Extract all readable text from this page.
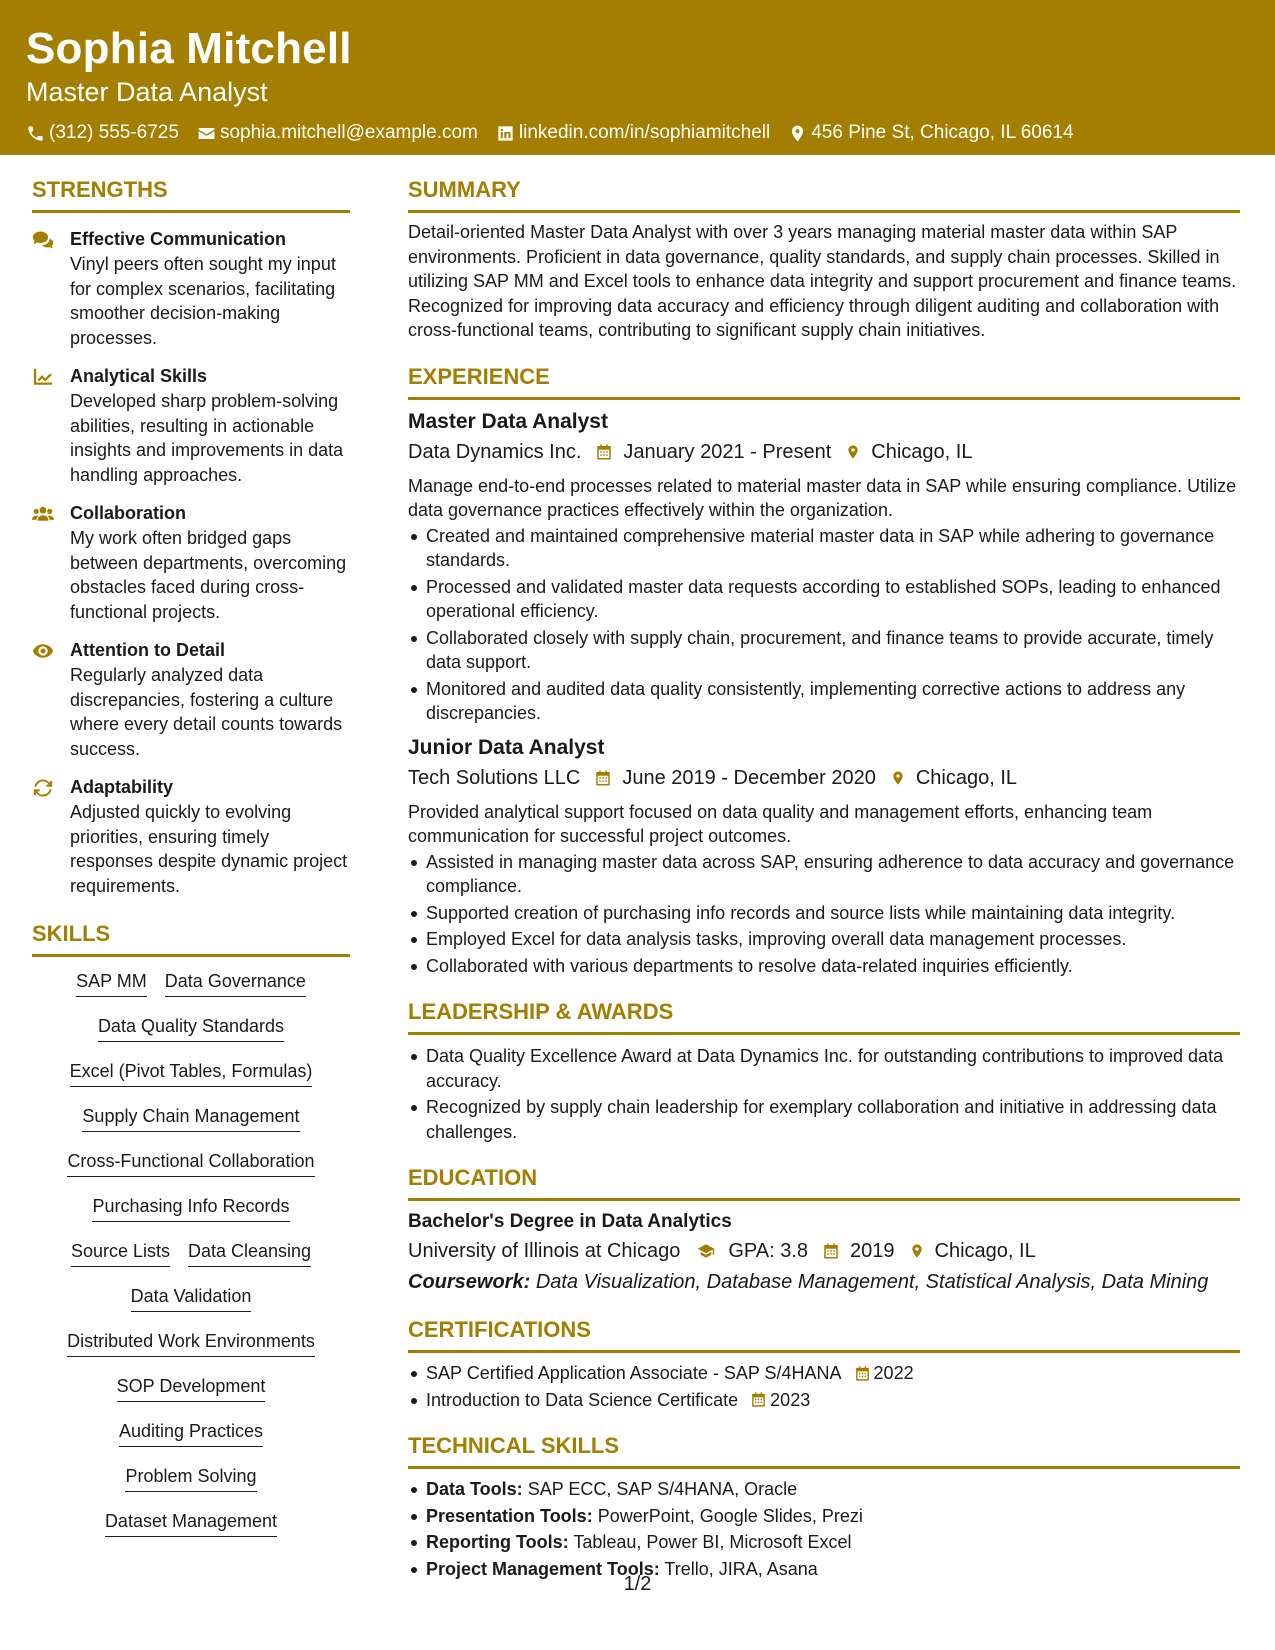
Sophia Mitchell
Master Data Analyst
(312) 555-6725 sophia.mitchell@example.com linkedin.com/in/sophiamitchell 456 Pine St, Chicago, IL 60614
STRENGTHS
Effective Communication
Vinyl peers often sought my input for complex scenarios, facilitating smoother decision-making processes.
Analytical Skills
Developed sharp problem-solving abilities, resulting in actionable insights and improvements in data handling approaches.
Collaboration
My work often bridged gaps between departments, overcoming obstacles faced during cross-functional projects.
Attention to Detail
Regularly analyzed data discrepancies, fostering a culture where every detail counts towards success.
Adaptability
Adjusted quickly to evolving priorities, ensuring timely responses despite dynamic project requirements.
SKILLS
SAP MM Data Governance
Data Quality Standards
Excel (Pivot Tables, Formulas)
Supply Chain Management
Cross-Functional Collaboration
Purchasing Info Records
Source Lists Data Cleansing
Data Validation
Distributed Work Environments
SOP Development
Auditing Practices
Problem Solving
Dataset Management
SUMMARY
Detail-oriented Master Data Analyst with over 3 years managing material master data within SAP environments. Proficient in data governance, quality standards, and supply chain processes. Skilled in utilizing SAP MM and Excel tools to enhance data integrity and support procurement and finance teams. Recognized for improving data accuracy and efficiency through diligent auditing and collaboration with cross-functional teams, contributing to significant supply chain initiatives.
EXPERIENCE
Master Data Analyst
Data Dynamics Inc. January 2021 - Present Chicago, IL
Manage end-to-end processes related to material master data in SAP while ensuring compliance. Utilize data governance practices effectively within the organization.
Created and maintained comprehensive material master data in SAP while adhering to governance standards.
Processed and validated master data requests according to established SOPs, leading to enhanced operational efficiency.
Collaborated closely with supply chain, procurement, and finance teams to provide accurate, timely data support.
Monitored and audited data quality consistently, implementing corrective actions to address any discrepancies.
Junior Data Analyst
Tech Solutions LLC June 2019 - December 2020 Chicago, IL
Provided analytical support focused on data quality and management efforts, enhancing team communication for successful project outcomes.
Assisted in managing master data across SAP, ensuring adherence to data accuracy and governance compliance.
Supported creation of purchasing info records and source lists while maintaining data integrity.
Employed Excel for data analysis tasks, improving overall data management processes.
Collaborated with various departments to resolve data-related inquiries efficiently.
LEADERSHIP & AWARDS
Data Quality Excellence Award at Data Dynamics Inc. for outstanding contributions to improved data accuracy.
Recognized by supply chain leadership for exemplary collaboration and initiative in addressing data challenges.
EDUCATION
Bachelor's Degree in Data Analytics
University of Illinois at Chicago GPA: 3.8 2019 Chicago, IL
Coursework: Data Visualization, Database Management, Statistical Analysis, Data Mining
CERTIFICATIONS
SAP Certified Application Associate - SAP S/4HANA 2022
Introduction to Data Science Certificate 2023
TECHNICAL SKILLS
Data Tools: SAP ECC, SAP S/4HANA, Oracle
Presentation Tools: PowerPoint, Google Slides, Prezi
Reporting Tools: Tableau, Power BI, Microsoft Excel
Project Management Tools: Trello, JIRA, Asana
1/2
